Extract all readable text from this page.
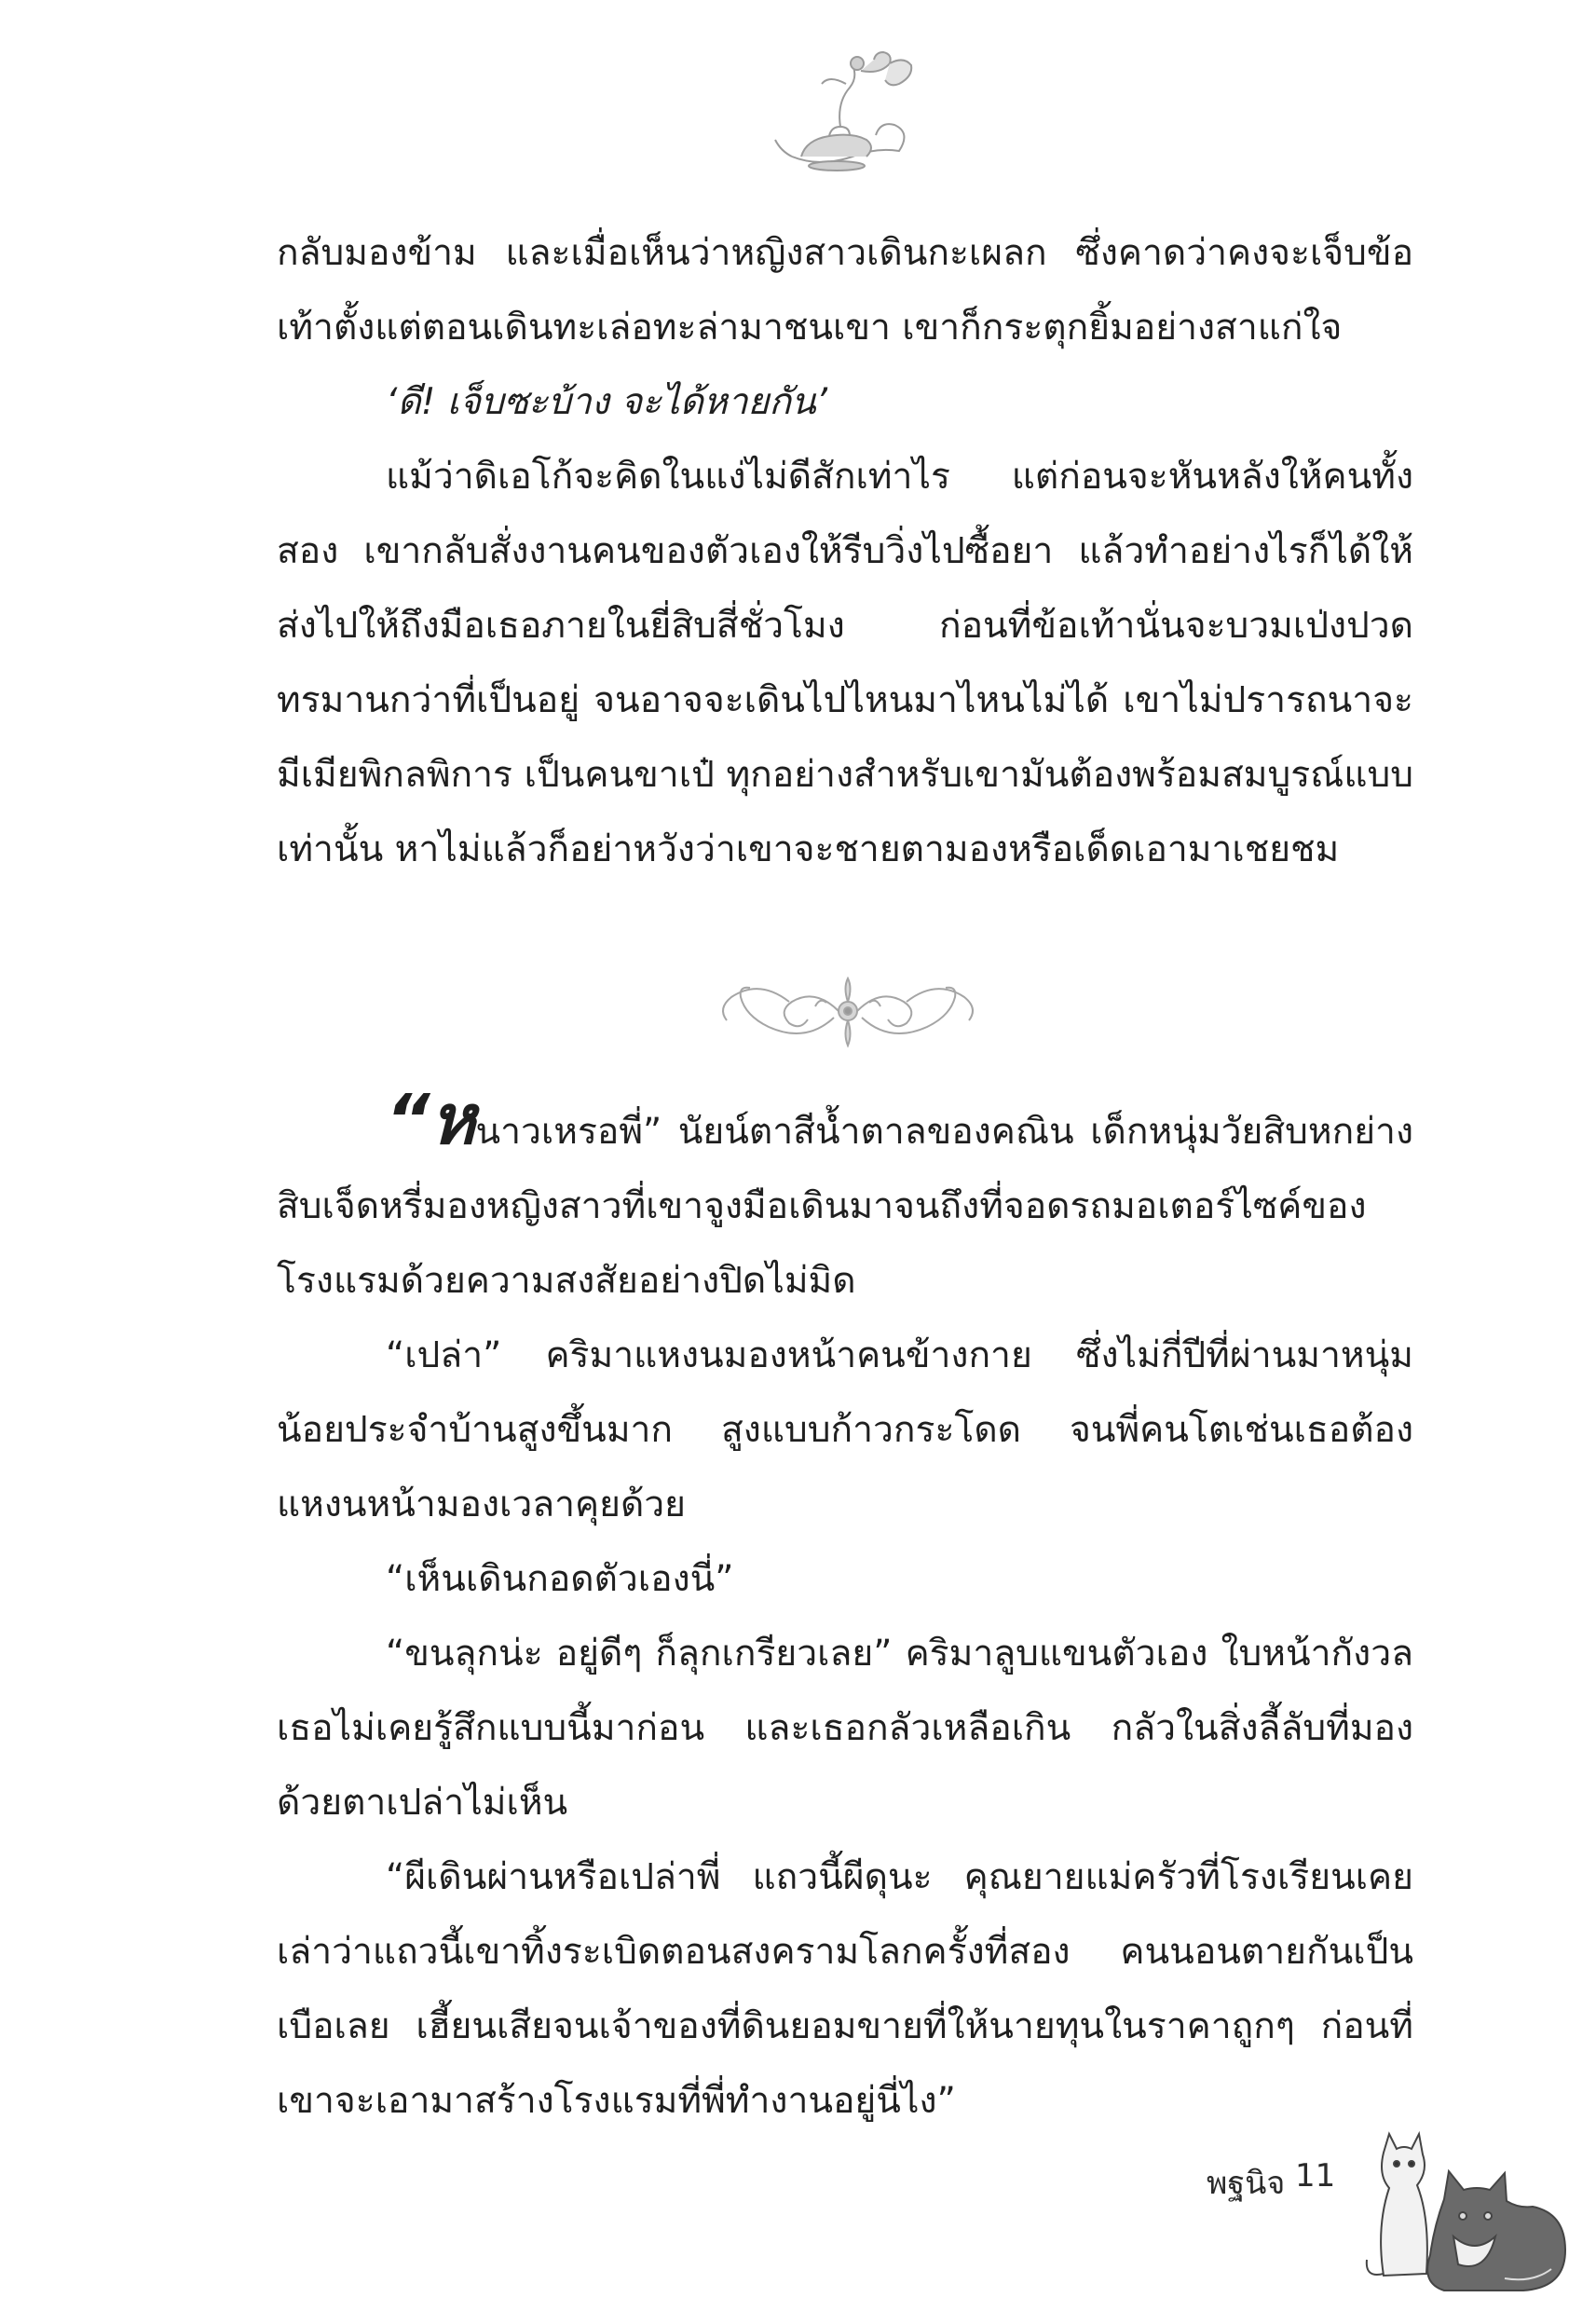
กลับมองข้าม และเมื่อเห็นว่าหญิงสาวเดินกะเผลก ซึ่งคาดว่าคงจะเจ็บข้อเท้าตั้งแต่ตอนเดินทะเล่อทะล่ามาชนเขา เขาก็กระตุกยิ้มอย่างสาแก่ใจ

‘ดี! เจ็บซะบ้าง จะได้หายกัน’

แม้ว่าดิเอโก้จะคิดในแง่ไม่ดีสักเท่าไร แต่ก่อนจะหันหลังให้คนทั้งสอง เขากลับสั่งงานคนของตัวเองให้รีบวิ่งไปซื้อยา แล้วทำอย่างไรก็ได้ให้ส่งไปให้ถึงมือเธอภายในยี่สิบสี่ชั่วโมง ก่อนที่ข้อเท้านั่นจะบวมเป่งปวดทรมานกว่าที่เป็นอยู่ จนอาจจะเดินไปไหนมาไหนไม่ได้ เขาไม่ปรารถนาจะมีเมียพิกลพิการ เป็นคนขาเป๋ ทุกอย่างสำหรับเขามันต้องพร้อมสมบูรณ์แบบเท่านั้น หาไม่แล้วก็อย่าหวังว่าเขาจะชายตามองหรือเด็ดเอามาเชยชม

“หนาวเหรอพี่” นัยน์ตาสีน้ำตาลของคณิน เด็กหนุ่มวัยสิบหกย่างสิบเจ็ดหรี่มองหญิงสาวที่เขาจูงมือเดินมาจนถึงที่จอดรถมอเตอร์ไซค์ของโรงแรมด้วยความสงสัยอย่างปิดไม่มิด

“เปล่า” คริมาแหงนมองหน้าคนข้างกาย ซึ่งไม่กี่ปีที่ผ่านมาหนุ่มน้อยประจำบ้านสูงขึ้นมาก สูงแบบก้าวกระโดด จนพี่คนโตเช่นเธอต้องแหงนหน้ามองเวลาคุยด้วย

“เห็นเดินกอดตัวเองนี่”

“ขนลุกน่ะ อยู่ดีๆ ก็ลุกเกรียวเลย” คริมาลูบแขนตัวเอง ใบหน้ากังวล เธอไม่เคยรู้สึกแบบนี้มาก่อน และเธอกลัวเหลือเกิน กลัวในสิ่งลี้ลับที่มองด้วยตาเปล่าไม่เห็น

“ผีเดินผ่านหรือเปล่าพี่ แถวนี้ผีดุนะ คุณยายแม่ครัวที่โรงเรียนเคยเล่าว่าแถวนี้เขาทิ้งระเบิดตอนสงครามโลกครั้งที่สอง คนนอนตายกันเป็นเบือเลย เฮี้ยนเสียจนเจ้าของที่ดินยอมขายที่ให้นายทุนในราคาถูกๆ ก่อนที่เขาจะเอามาสร้างโรงแรมที่พี่ทำงานอยู่นี่ไง”

พฐนิจ 11
